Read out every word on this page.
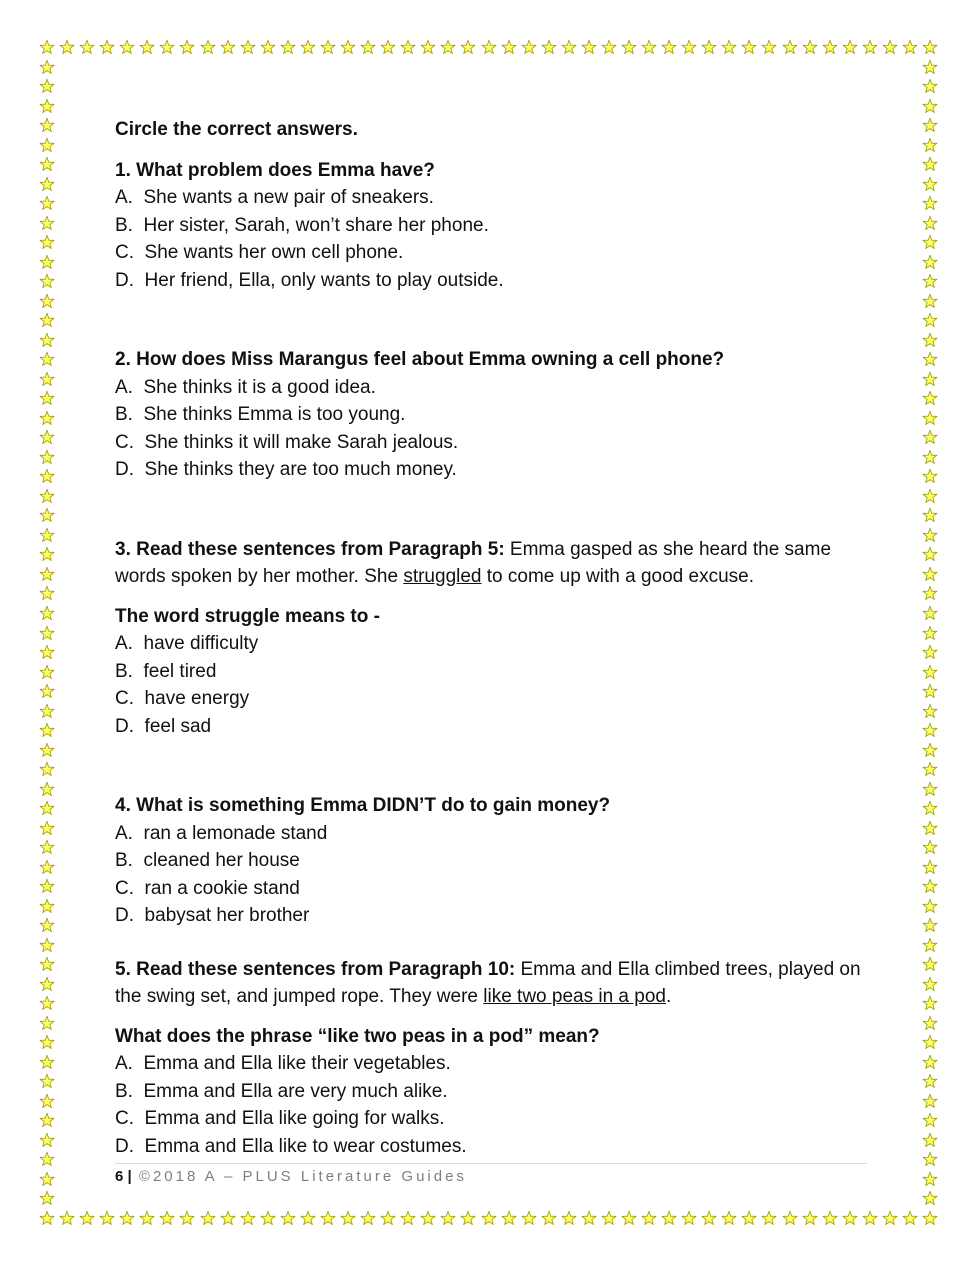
Circle the correct answers.
1. What problem does Emma have?
A.  She wants a new pair of sneakers.
B.  Her sister, Sarah, won’t share her phone.
C.  She wants her own cell phone.
D.  Her friend, Ella, only wants to play outside.
2. How does Miss Marangus feel about Emma owning a cell phone?
A.  She thinks it is a good idea.
B.  She thinks Emma is too young.
C.  She thinks it will make Sarah jealous.
D.  She thinks they are too much money.
3. Read these sentences from Paragraph 5: Emma gasped as she heard the same words spoken by her mother. She struggled to come up with a good excuse.
The word struggle means to -
A.  have difficulty
B.  feel tired
C.  have energy
D.  feel sad
4. What is something Emma DIDN’T do to gain money?
A.  ran a lemonade stand
B.  cleaned her house
C.  ran a cookie stand
D.  babysat her brother
5. Read these sentences from Paragraph 10: Emma and Ella climbed trees, played on the swing set, and jumped rope. They were like two peas in a pod.
What does the phrase “like two peas in a pod” mean?
A.  Emma and Ella like their vegetables.
B.  Emma and Ella are very much alike.
C.  Emma and Ella like going for walks.
D.  Emma and Ella like to wear costumes.
6 | ©2018 A – PLUS Literature Guides
